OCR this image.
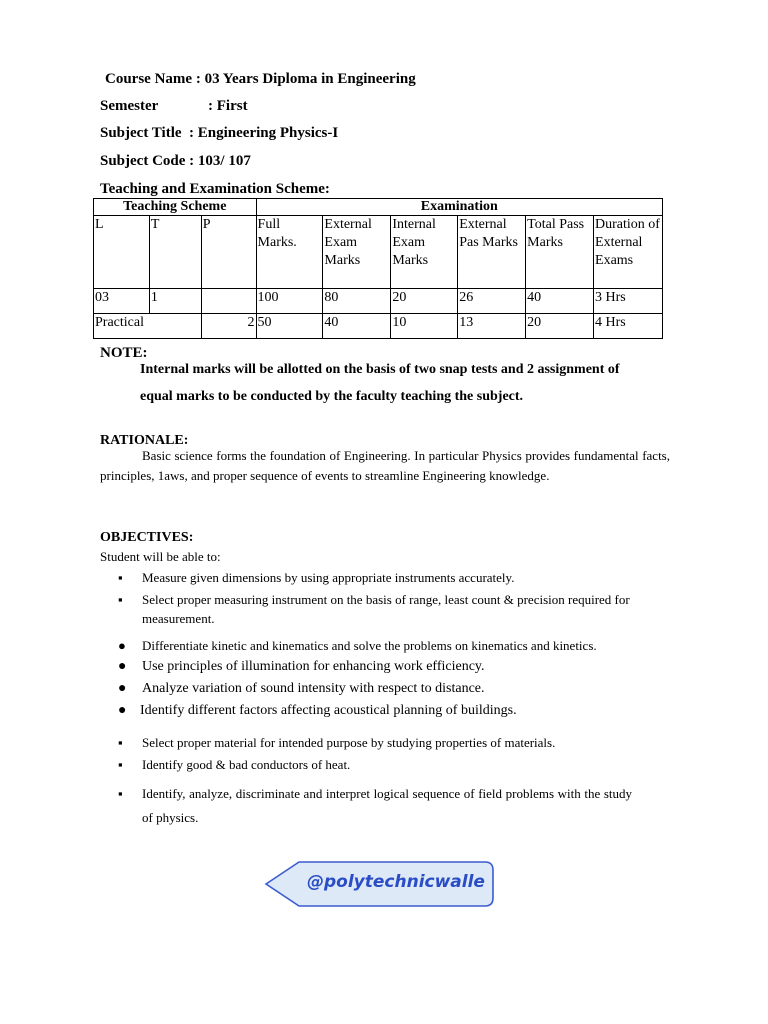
Course Name : 03 Years Diploma in Engineering
Semester	: First
Subject Title  : Engineering Physics-I
Subject Code : 103/ 107
Teaching and Examination Scheme:
Teaching Scheme			Examination					
L	T	P	Full Marks.	External Exam Marks	Internal Exam Marks	External Pas Marks	Total Pass Marks	Duration of External Exams
03	1		100	80	20	26	40	3 Hrs
Practical		2	50	40	10	13	20	4 Hrs
NOTE:
Internal marks will be allotted on the basis of two snap tests and 2 assignment of
equal marks to be conducted by the faculty teaching the subject.
RATIONALE:
Basic science forms the foundation of Engineering. In particular Physics provides fundamental facts, principles, 1aws, and proper sequence of events to streamline Engineering knowledge.
OBJECTIVES:
Student will be able to:
▪	Measure given dimensions by using appropriate instruments accurately.
▪	Select proper measuring instrument on the basis of range, least count & precision required for measurement.
●	Differentiate kinetic and kinematics and solve the problems on kinematics and kinetics.
●	Use principles of illumination for enhancing work efficiency.
●	Analyze variation of sound intensity with respect to distance.
● Identify different factors affecting acoustical planning of buildings.
▪	Select proper material for intended purpose by studying properties of materials.
▪	Identify good & bad conductors of heat.
▪	Identify, analyze, discriminate and interpret logical sequence of field problems with the study of physics.
@polytechnicwalle
